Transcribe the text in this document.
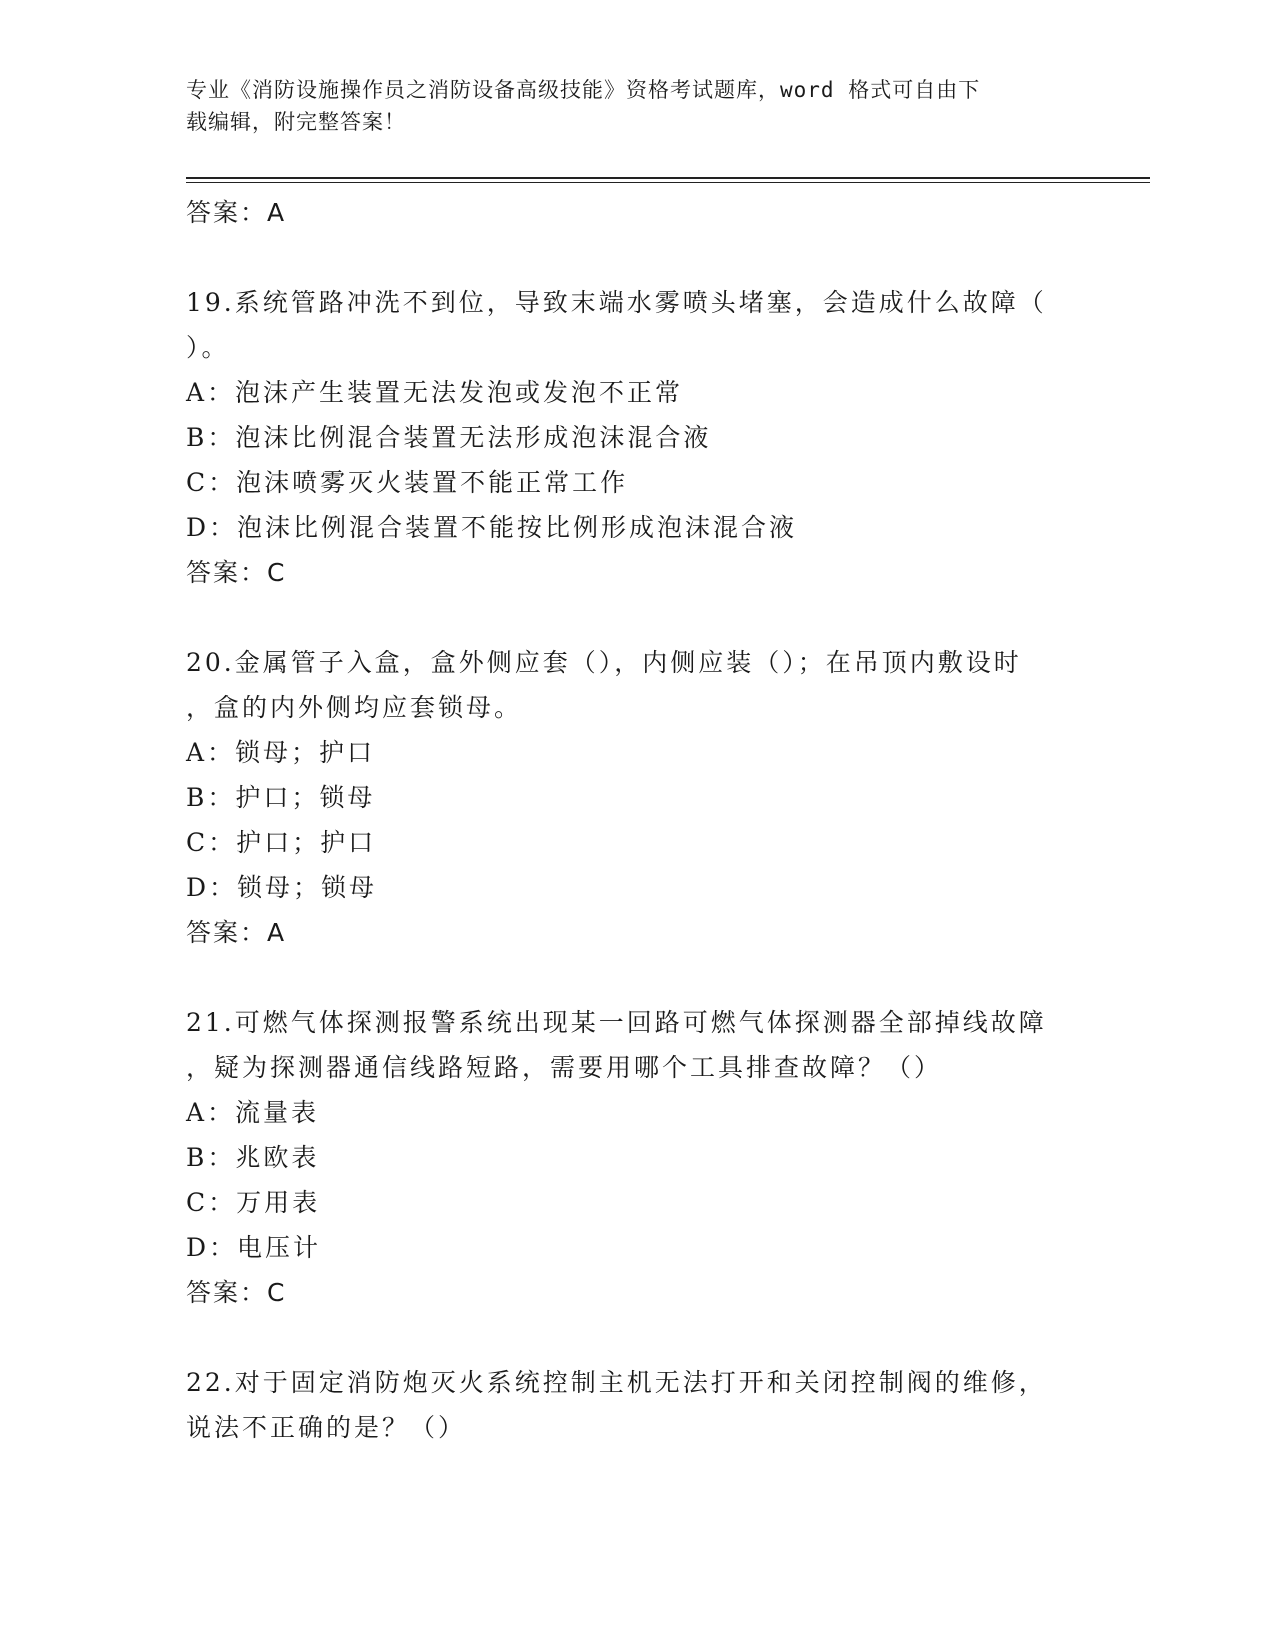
专业《消防设施操作员之消防设备高级技能》资格考试题库，word 格式可自由下
载编辑，附完整答案！
答案：A
19.系统管路冲洗不到位，导致末端水雾喷头堵塞，会造成什么故障（
）。
A：泡沫产生装置无法发泡或发泡不正常
B：泡沫比例混合装置无法形成泡沫混合液
C：泡沫喷雾灭火装置不能正常工作
D：泡沫比例混合装置不能按比例形成泡沫混合液
答案：C
20.金属管子入盒，盒外侧应套（），内侧应装（）；在吊顶内敷设时
，盒的内外侧均应套锁母。
A：锁母；护口
B：护口；锁母
C：护口；护口
D：锁母；锁母
答案：A
21.可燃气体探测报警系统出现某一回路可燃气体探测器全部掉线故障
，疑为探测器通信线路短路，需要用哪个工具排查故障？（）
A：流量表
B：兆欧表
C：万用表
D：电压计
答案：C
22.对于固定消防炮灭火系统控制主机无法打开和关闭控制阀的维修，
说法不正确的是？（）
